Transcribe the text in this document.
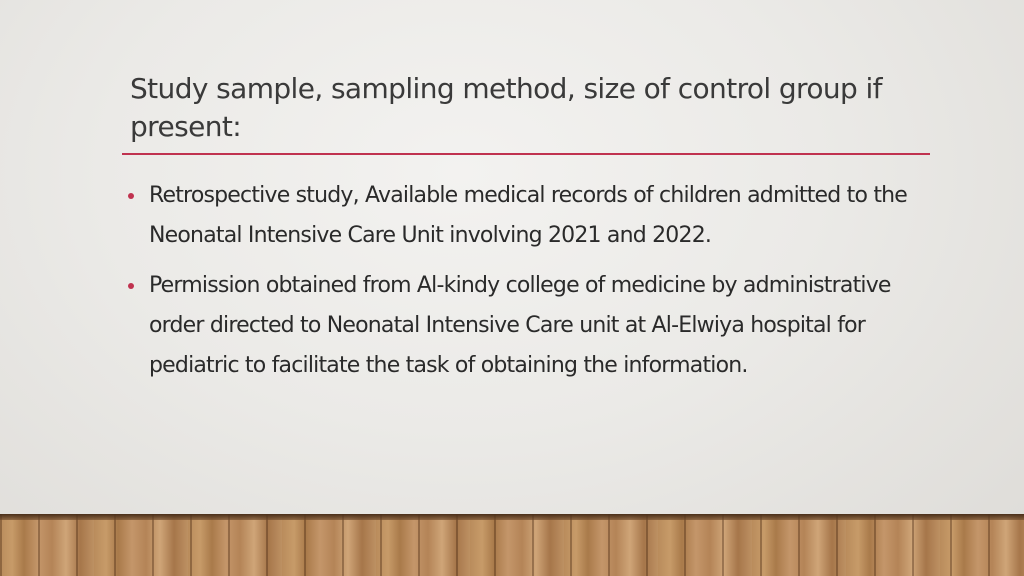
Study sample, sampling method, size of control group if present:
Retrospective study, Available medical records of children admitted to the Neonatal Intensive Care Unit involving 2021 and 2022.
Permission obtained from Al-kindy college of medicine by administrative order directed to Neonatal Intensive Care unit at Al-Elwiya hospital for pediatric to facilitate the task of obtaining the information.
